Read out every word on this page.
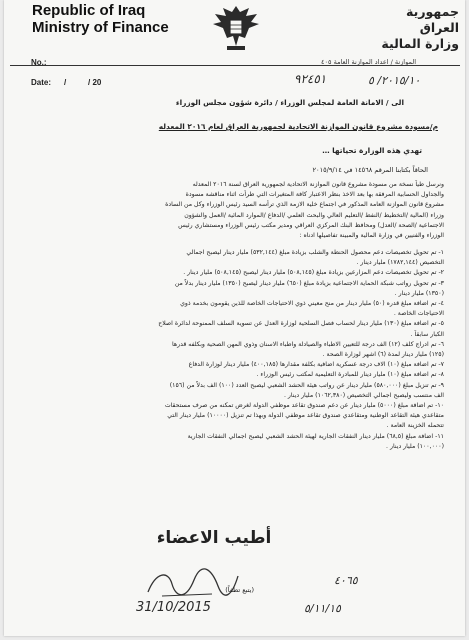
Republic of Iraq
Ministry of Finance
جمهورية العراق
وزارة المالية
No.:	الموازنة / اعداد الموازنة العامة ٤٠٥
Date: /	/ 20	٩٢٤٥١	٢٠١٥/١٠/ ٥
الى / الامانة العامة لمجلس الوزراء / دائرة شؤون مجلس الوزراء
م/مسودة مشروع قانون الموازنة الاتحادية لجمهورية العراق لعام ٢٠١٦ المعدله
تهدي هذه الوزارة تحياتها …
الحاقاً بكتابنا المرقم ١٤٥٦٨ في ٢٠١٥/٩/١٤
ونرسل طياً نسخة من مسودة مشروع قانون الموازنة الاتحادية لجمهورية العراق لسنة ٢٠١٦ المعدله
والجداول الحسابية المرفقة بها بعد الاخذ بنظر الاعتبار كافة المتغيرات التي طرأت اثناء مناقشة مسودة
مشروع قانون الموازنة العامة المذكور في اجتماع خلية الازمة الذي ترأسه السيد رئيس الوزراء وكل من السادة
وزراء (المالية /التخطيط /النفط /التعليم العالي والبحث العلمي /الدفاع /الموارد المائية /العمل والشؤون
الاجتماعية /الصحة /العدل) ومحافظ البنك المركزي العراقي ومدير مكتب رئيس الوزراء ومستشاري رئيس
الوزراء والفنيين في وزارة المالية والمبينة تفاصيلها ادناه :
١- تم تحويل تخصيصات دعم محصول الحنطة والشلب بزيادة مبلغ (٥٣٢,١٤٤) مليار دينار ليصبح اجمالي
التخصيص (١٧٨٢,١٤٤) مليار دينار .
٢- تم تحويل تخصيصات دعم المزارعين بزيادة مبلغ (٥٠٨,١٤٥) مليار دينار ليصبح (٥٠٨,١٤٥) مليار دينار .
٣- تم تحويل رواتب شبكة الحماية الاجتماعية بزيادة مبلغ (٦٥٠) مليار دينار ليصبح (١٣٥٠) مليار دينار بدلاً من
(١٣٥٠) مليار دينار .
٤- تم اضافة مبلغ قدره (٥٠) مليار دينار من منح معيني ذوي الاحتياجات الخاصة للذين يقومون بخدمة ذوي
الاحتياجات الخاصة .
٥- تم اضافة مبلغ (١٣٠) مليار دينار لحساب فصل السلحية لوزارة العدل عن تسوية السلف الممنوحة لدائرة اصلاح
الكبار سابقاً .
٦- تم ادراج كلف (١٢) الف درجة للتعيين الاطباء والصيادلة واطباء الاسنان وذوي المهن الصحية وبكلفه قدرها
(١٢٥) مليار دينار لمدة (٦) اشهر لوزارة الصحة .
٧- تم اضافة مبلغ (١٠) الاف درجة عسكرية اضافية بكلفة مقدارها (٤٠٠,١٨٥) مليار دينار لوزارة الدفاع
٨- تم اضافة مبلغ (١٠) مليار دينار للمبادرة التعليمية لمكتب رئيس الوزراء .
٩- تم تنزيل مبلغ (٥٨٠,٠٠٠) مليار دينار عن رواتب هيئة الحشد الشعبي ليصبح العدد (١٠٠) الف بدلاً من (١٥٦)
الف منتسب وليصبح اجمالي التخصيص (١٠٦٢,٣٨٠) مليار دينار .
١٠- تم اضافة مبلغ (٥٠٠٠) مليار دينار عن دعم صندوق تقاعد موظفي الدولة لغرض تمكنه من صرف مستحقات
متقاعدي هيئة التقاعد الوطنية ومتقاعدي صندوق تقاعد موظفي الدولة وبهذا تم تنزيل (١٠٠٠٠) مليار دينار التي
تتحمله الخزينة العامة .
١١- اضافة مبلغ (٦٨,٥) مليار دينار النفقات الجارية لهيئة الحشد الشعبي ليصبح اجمالي النفقات الجارية
(١٠٠,٠٠٠) مليار دينار .
أطيب الاعضاء
٤٠٦٥
(يتبع تطفاً)
31/10/2015	٥/١١/١٥
